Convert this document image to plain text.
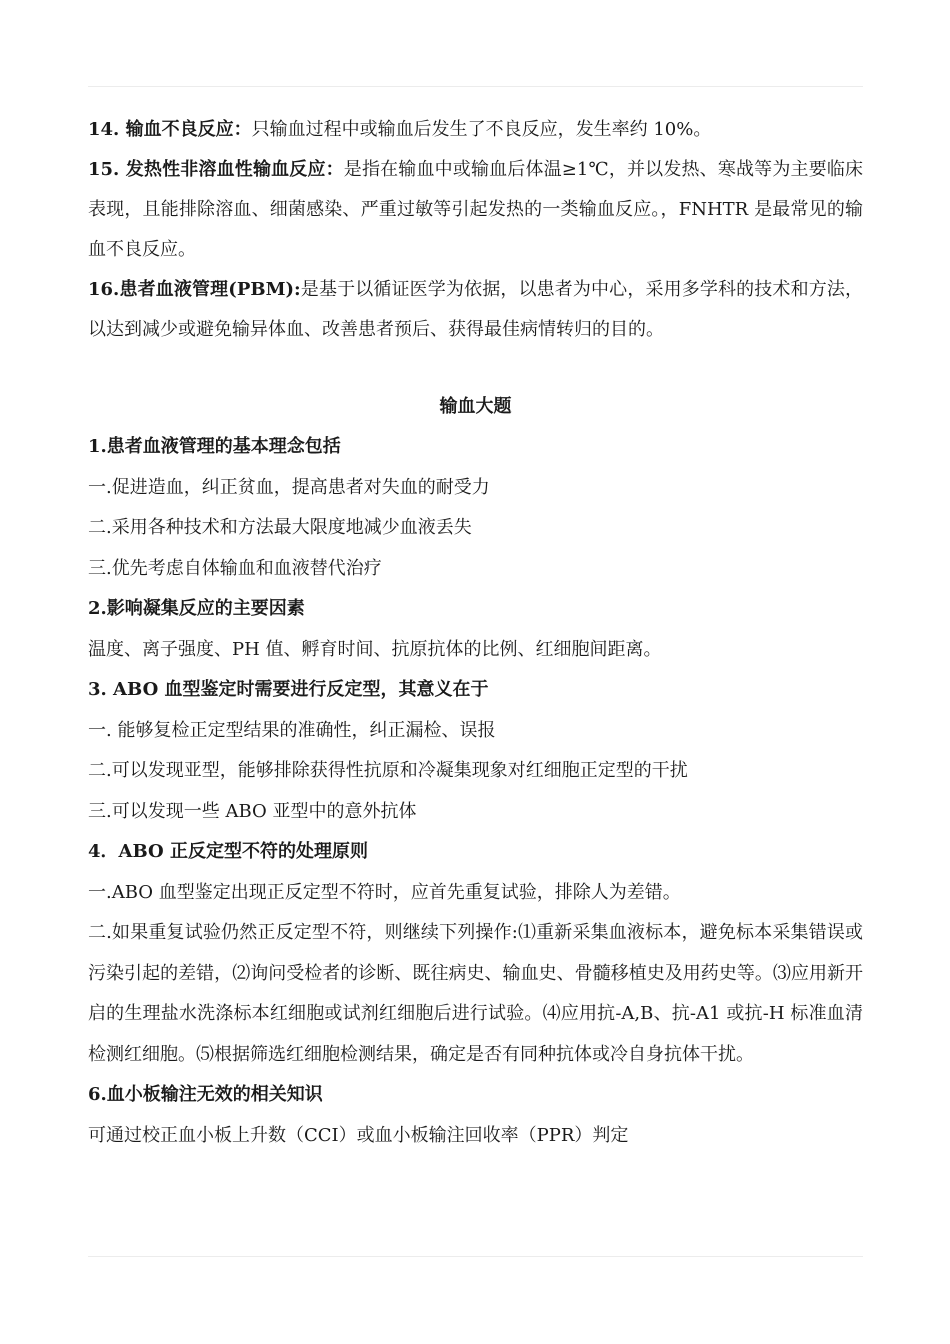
14. 输血不良反应：只输血过程中或输血后发生了不良反应，发生率约 10%。

15. 发热性非溶血性输血反应：是指在输血中或输血后体温≥1℃，并以发热、寒战等为主要临床表现，且能排除溶血、细菌感染、严重过敏等引起发热的一类输血反应。，FNHTR 是最常见的输血不良反应。

16.患者血液管理(PBM):是基于以循证医学为依据，以患者为中心，采用多学科的技术和方法，以达到减少或避免输异体血、改善患者预后、获得最佳病情转归的目的。

输血大题

1.患者血液管理的基本理念包括

一.促进造血，纠正贫血，提高患者对失血的耐受力

二.采用各种技术和方法最大限度地减少血液丢失

三.优先考虑自体输血和血液替代治疗

2.影响凝集反应的主要因素

温度、离子强度、PH 值、孵育时间、抗原抗体的比例、红细胞间距离。

3. ABO 血型鉴定时需要进行反定型，其意义在于

一. 能够复检正定型结果的准确性，纠正漏检、误报

二.可以发现亚型，能够排除获得性抗原和冷凝集现象对红细胞正定型的干扰

三.可以发现一些 ABO 亚型中的意外抗体

4．ABO 正反定型不符的处理原则

一.ABO 血型鉴定出现正反定型不符时，应首先重复试验，排除人为差错。

二.如果重复试验仍然正反定型不符，则继续下列操作:⑴重新采集血液标本，避免标本采集错误或污染引起的差错，⑵询问受检者的诊断、既往病史、输血史、骨髓移植史及用药史等。⑶应用新开启的生理盐水洗涤标本红细胞或试剂红细胞后进行试验。⑷应用抗-A,B、抗-A1 或抗-H 标准血清检测红细胞。⑸根据筛选红细胞检测结果，确定是否有同种抗体或冷自身抗体干扰。

6.血小板输注无效的相关知识

可通过校正血小板上升数（CCI）或血小板输注回收率（PPR）判定
